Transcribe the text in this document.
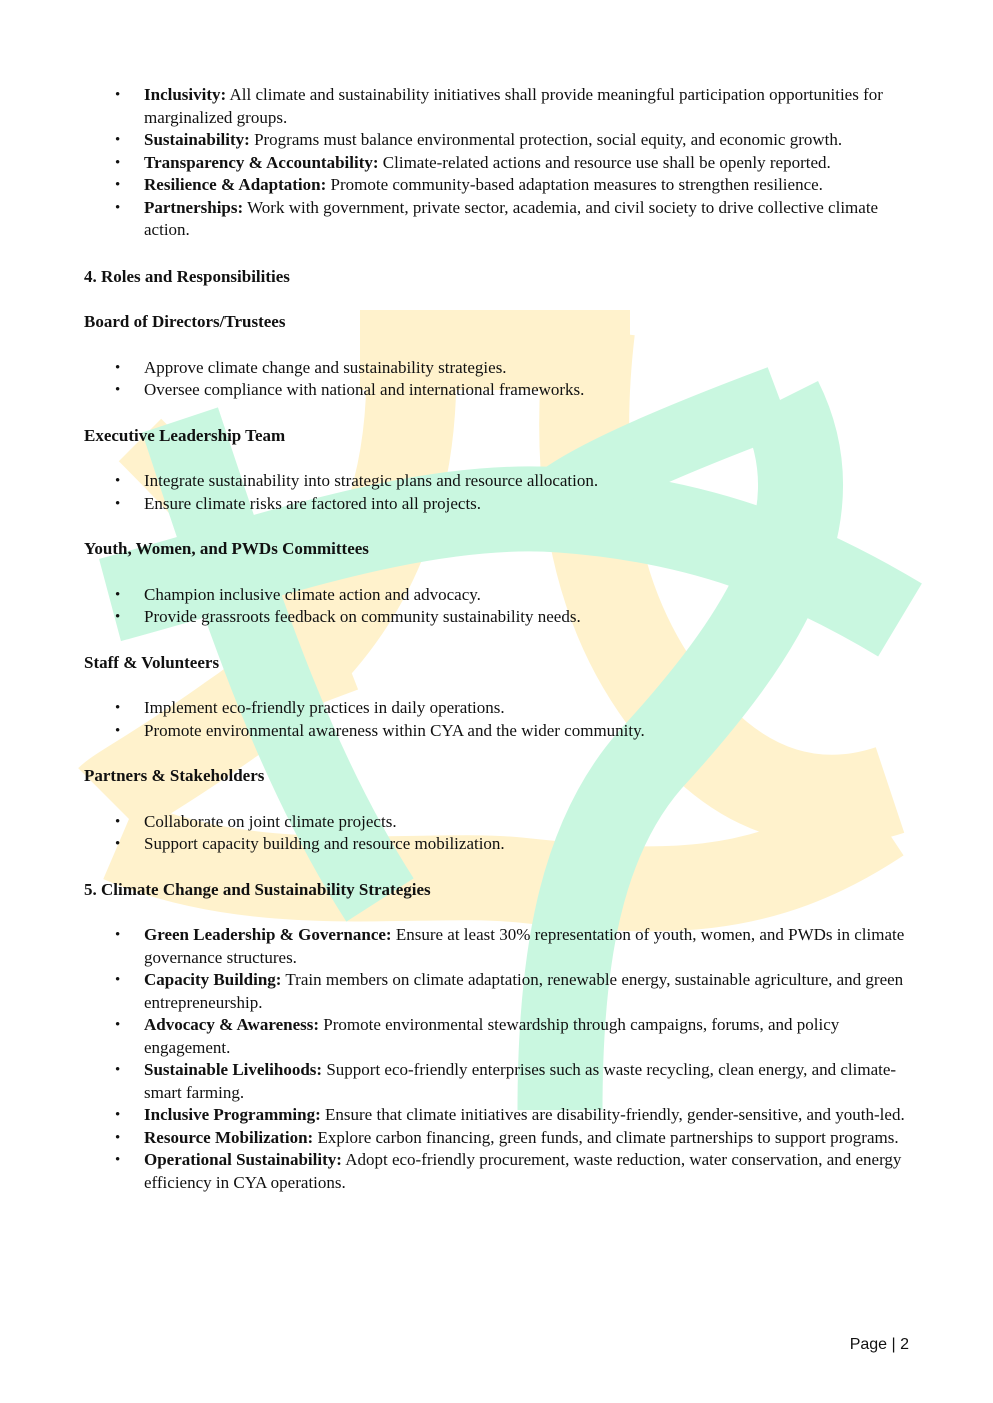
• Inclusivity: All climate and sustainability initiatives shall provide meaningful participation opportunities for marginalized groups.
• Sustainability: Programs must balance environmental protection, social equity, and economic growth.
• Transparency & Accountability: Climate-related actions and resource use shall be openly reported.
• Resilience & Adaptation: Promote community-based adaptation measures to strengthen resilience.
• Partnerships: Work with government, private sector, academia, and civil society to drive collective climate action.
4. Roles and Responsibilities
Board of Directors/Trustees
• Approve climate change and sustainability strategies.
• Oversee compliance with national and international frameworks.
Executive Leadership Team
• Integrate sustainability into strategic plans and resource allocation.
• Ensure climate risks are factored into all projects.
Youth, Women, and PWDs Committees
• Champion inclusive climate action and advocacy.
• Provide grassroots feedback on community sustainability needs.
Staff & Volunteers
• Implement eco-friendly practices in daily operations.
• Promote environmental awareness within CYA and the wider community.
Partners & Stakeholders
• Collaborate on joint climate projects.
• Support capacity building and resource mobilization.
5. Climate Change and Sustainability Strategies
• Green Leadership & Governance: Ensure at least 30% representation of youth, women, and PWDs in climate governance structures.
• Capacity Building: Train members on climate adaptation, renewable energy, sustainable agriculture, and green entrepreneurship.
• Advocacy & Awareness: Promote environmental stewardship through campaigns, forums, and policy engagement.
• Sustainable Livelihoods: Support eco-friendly enterprises such as waste recycling, clean energy, and climate-smart farming.
• Inclusive Programming: Ensure that climate initiatives are disability-friendly, gender-sensitive, and youth-led.
• Resource Mobilization: Explore carbon financing, green funds, and climate partnerships to support programs.
• Operational Sustainability: Adopt eco-friendly procurement, waste reduction, water conservation, and energy efficiency in CYA operations.
Page | 2
